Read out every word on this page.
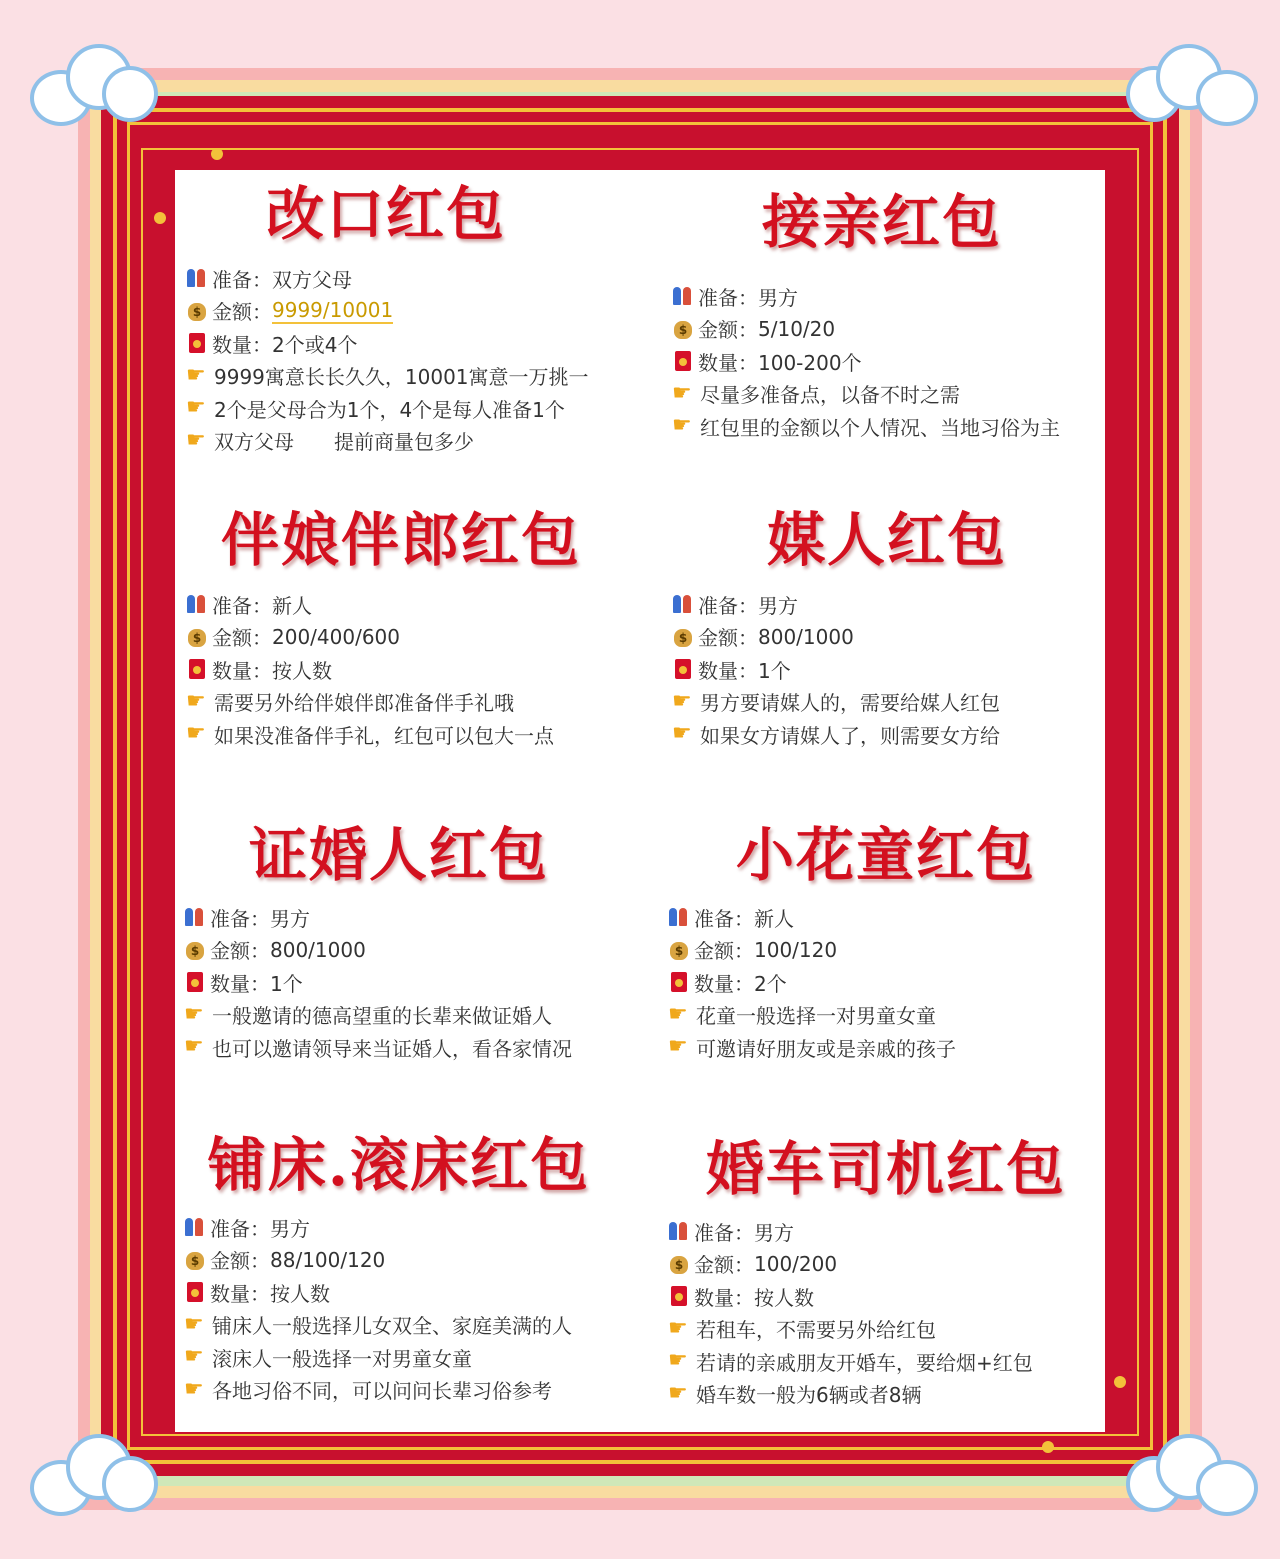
改口红包
准备：双方父母
$ 金额： 9999/10001
数量：2个或4个
☛ 9999寓意长长久久，10001寓意一万挑一
☛ 2个是父母合为1个，4个是每人准备1个
☛ 双方父母　　提前商量包多少
接亲红包
准备：男方
$ 金额： 5/10/20
数量：100-200个
☛ 尽量多准备点，以备不时之需
☛ 红包里的金额以个人情况、当地习俗为主
伴娘伴郎红包
准备：新人
$ 金额： 200/400/600
数量：按人数
☛ 需要另外给伴娘伴郎准备伴手礼哦
☛ 如果没准备伴手礼，红包可以包大一点
媒人红包
准备：男方
$ 金额： 800/1000
数量：1个
☛ 男方要请媒人的，需要给媒人红包
☛ 如果女方请媒人了，则需要女方给
证婚人红包
准备：男方
$ 金额： 800/1000
数量：1个
☛ 一般邀请的德高望重的长辈来做证婚人
☛ 也可以邀请领导来当证婚人，看各家情况
小花童红包
准备：新人
$ 金额： 100/120
数量：2个
☛ 花童一般选择一对男童女童
☛ 可邀请好朋友或是亲戚的孩子
铺床.滚床红包
准备：男方
$ 金额： 88/100/120
数量：按人数
☛ 铺床人一般选择儿女双全、家庭美满的人
☛ 滚床人一般选择一对男童女童
☛ 各地习俗不同，可以问问长辈习俗参考
婚车司机红包
准备：男方
$ 金额： 100/200
数量：按人数
☛ 若租车，不需要另外给红包
☛ 若请的亲戚朋友开婚车，要给烟+红包
☛ 婚车数一般为6辆或者8辆
